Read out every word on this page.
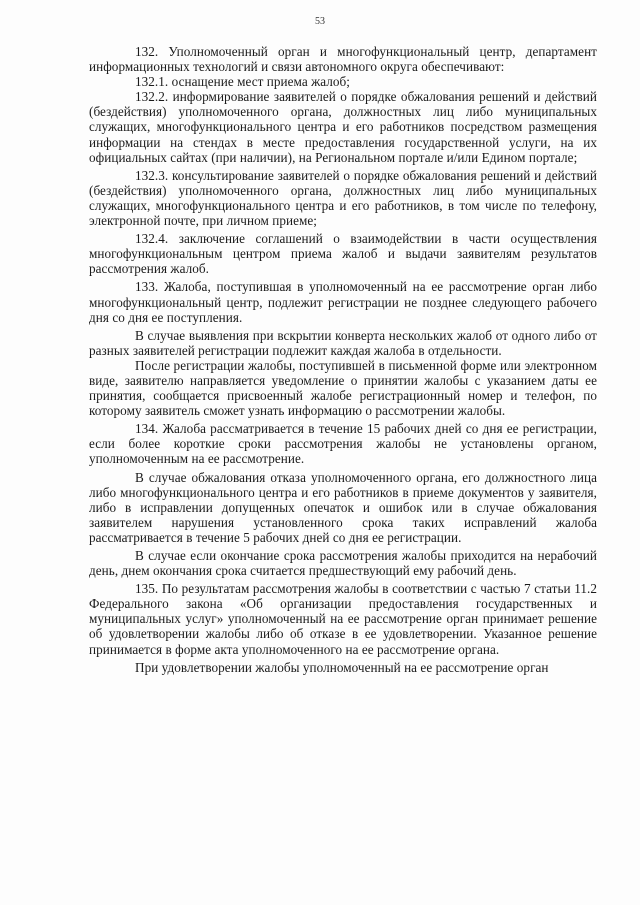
53

132. Уполномоченный орган и многофункциональный центр, департамент информационных технологий и связи автономного округа обеспечивают:

132.1. оснащение мест приема жалоб;

132.2. информирование заявителей о порядке обжалования решений и действий (бездействия) уполномоченного органа, должностных лиц либо муниципальных служащих, многофункционального центра и его работников посредством размещения информации на стендах в месте предоставления государственной услуги, на их официальных сайтах (при наличии), на Региональном портале и/или Едином портале;

132.3. консультирование заявителей о порядке обжалования решений и действий (бездействия) уполномоченного органа, должностных лиц либо муниципальных служащих, многофункционального центра и его работников, в том числе по телефону, электронной почте, при личном приеме;

132.4. заключение соглашений о взаимодействии в части осуществления многофункциональным центром приема жалоб и выдачи заявителям результатов рассмотрения жалоб.

133. Жалоба, поступившая в уполномоченный на ее рассмотрение орган либо многофункциональный центр, подлежит регистрации не позднее следующего рабочего дня со дня ее поступления.

В случае выявления при вскрытии конверта нескольких жалоб от одного либо от разных заявителей регистрации подлежит каждая жалоба в отдельности.

После регистрации жалобы, поступившей в письменной форме или электронном виде, заявителю направляется уведомление о принятии жалобы с указанием даты ее принятия, сообщается присвоенный жалобе регистрационный номер и телефон, по которому заявитель сможет узнать информацию о рассмотрении жалобы.

134. Жалоба рассматривается в течение 15 рабочих дней со дня ее регистрации, если более короткие сроки рассмотрения жалобы не установлены органом, уполномоченным на ее рассмотрение.

В случае обжалования отказа уполномоченного органа, его должностного лица либо многофункционального центра и его работников в приеме документов у заявителя, либо в исправлении допущенных опечаток и ошибок или в случае обжалования заявителем нарушения установленного срока таких исправлений жалоба рассматривается в течение 5 рабочих дней со дня ее регистрации.

В случае если окончание срока рассмотрения жалобы приходится на нерабочий день, днем окончания срока считается предшествующий ему рабочий день.

135. По результатам рассмотрения жалобы в соответствии с частью 7 статьи 11.2 Федерального закона «Об организации предоставления государственных и муниципальных услуг» уполномоченный на ее рассмотрение орган принимает решение об удовлетворении жалобы либо об отказе в ее удовлетворении. Указанное решение принимается в форме акта уполномоченного на ее рассмотрение органа.

При удовлетворении жалобы уполномоченный на ее рассмотрение орган
